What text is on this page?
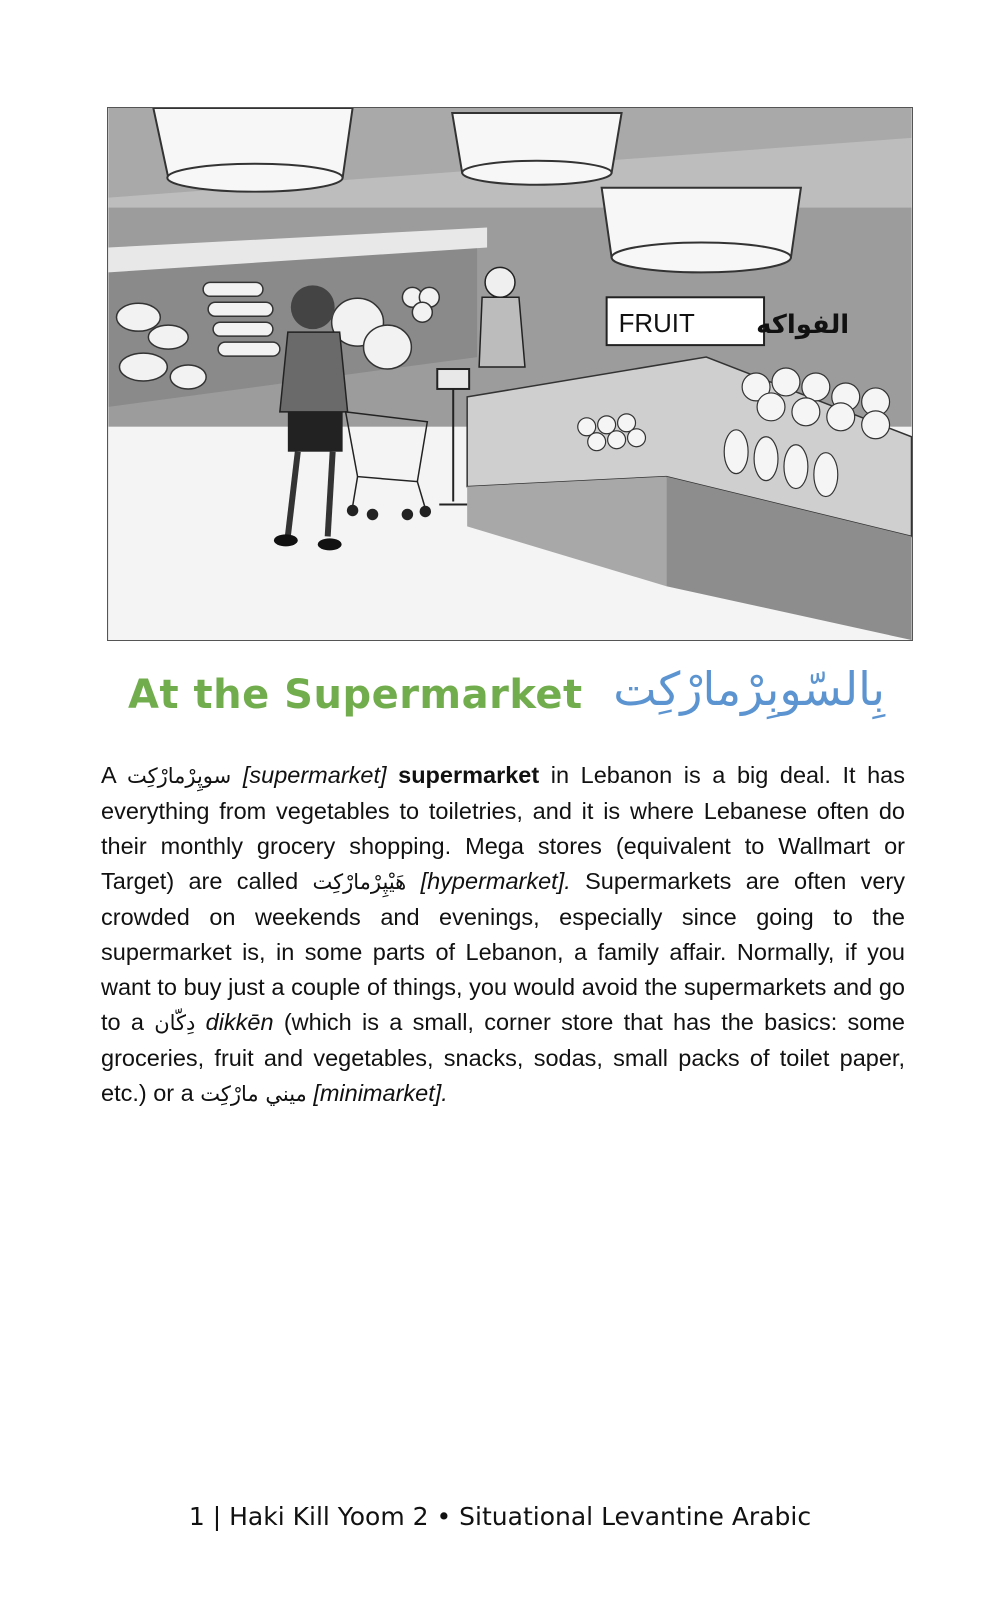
FRUIT الفواكه
At the Supermarket بِالسّوبِرْمارْكِت
A سوپِرْمارْكِت [supermarket] supermarket in Lebanon is a big deal. It has everything from vegetables to toiletries, and it is where Lebanese often do their monthly grocery shopping. Mega stores (equivalent to Wallmart or Target) are called هَيْپِرْمارْكِت [hypermarket]. Supermarkets are often very crowded on weekends and evenings, especially since going to the supermarket is, in some parts of Lebanon, a family affair. Normally, if you want to buy just a couple of things, you would avoid the supermarkets and go to a دِكّان dikkēn (which is a small, corner store that has the basics: some groceries, fruit and vegetables, snacks, sodas, small packs of toilet paper, etc.) or a ميني مارْكِت [minimarket].
1 | Haki Kill Yoom 2 • Situational Levantine Arabic
